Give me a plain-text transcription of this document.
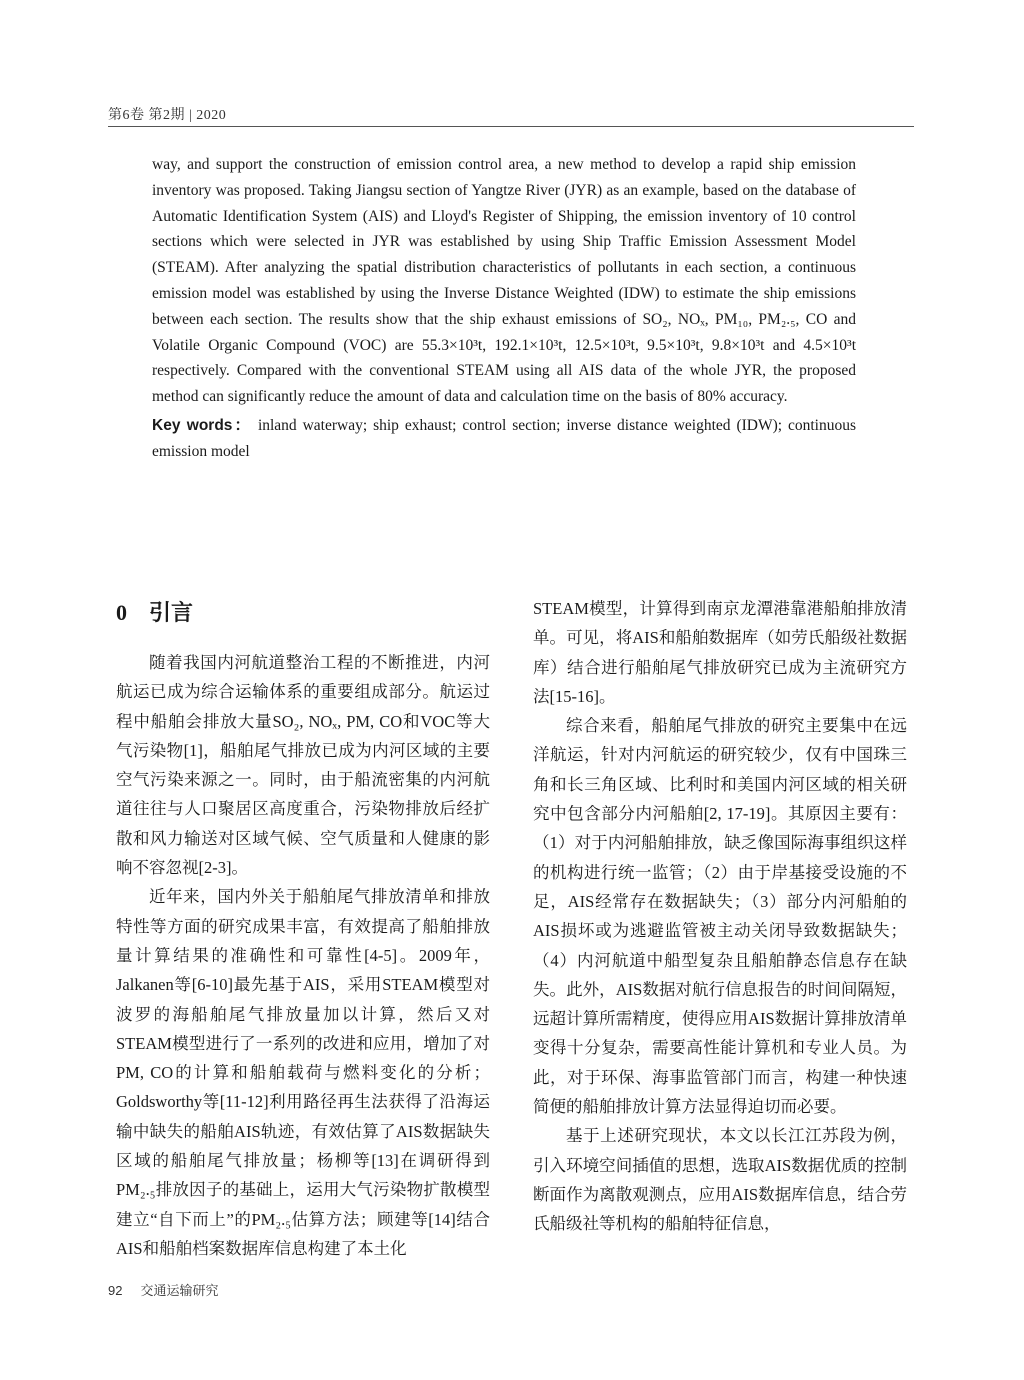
第6卷 第2期 | 2020

way, and support the construction of emission control area, a new method to develop a rapid ship emission inventory was proposed. Taking Jiangsu section of Yangtze River (JYR) as an example, based on the database of Automatic Identification System (AIS) and Lloyd's Register of Shipping, the emission inventory of 10 control sections which were selected in JYR was established by using Ship Traffic Emission Assessment Model (STEAM). After analyzing the spatial distribution characteristics of pollutants in each section, a continuous emission model was established by using the Inverse Distance Weighted (IDW) to estimate the ship emissions between each section. The results show that the ship exhaust emissions of SO₂, NOₓ, PM₁₀, PM₂.₅, CO and Volatile Organic Compound (VOC) are 55.3×10³t, 192.1×10³t, 12.5×10³t, 9.5×10³t, 9.8×10³t and 4.5×10³t respectively. Compared with the conventional STEAM using all AIS data of the whole JYR, the proposed method can significantly reduce the amount of data and calculation time on the basis of 80% accuracy.

Key words： inland waterway; ship exhaust; control section; inverse distance weighted (IDW); continuous emission model

0 引言

随着我国内河航道整治工程的不断推进，内河航运已成为综合运输体系的重要组成部分。航运过程中船舶会排放大量SO₂, NOₓ, PM, CO和VOC等大气污染物[1]，船舶尾气排放已成为内河区域的主要空气污染来源之一。同时，由于船流密集的内河航道往往与人口聚居区高度重合，污染物排放后经扩散和风力输送对区域气候、空气质量和人健康的影响不容忽视[2-3]。

近年来，国内外关于船舶尾气排放清单和排放特性等方面的研究成果丰富，有效提高了船舶排放量计算结果的准确性和可靠性[4-5]。2009年，Jalkanen等[6-10]最先基于AIS，采用STEAM模型对波罗的海船舶尾气排放量加以计算，然后又对STEAM模型进行了一系列的改进和应用，增加了对PM, CO的计算和船舶载荷与燃料变化的分析；Goldsworthy等[11-12]利用路径再生法获得了沿海运输中缺失的船舶AIS轨迹，有效估算了AIS数据缺失区域的船舶尾气排放量；杨柳等[13]在调研得到PM₂.₅排放因子的基础上，运用大气污染物扩散模型建立“自下而上”的PM₂.₅估算方法；顾建等[14]结合AIS和船舶档案数据库信息构建了本土化

STEAM模型，计算得到南京龙潭港靠港船舶排放清单。可见，将AIS和船舶数据库（如劳氏船级社数据库）结合进行船舶尾气排放研究已成为主流研究方法[15-16]。

综合来看，船舶尾气排放的研究主要集中在远洋航运，针对内河航运的研究较少，仅有中国珠三角和长三角区域、比利时和美国内河区域的相关研究中包含部分内河船舶[2, 17-19]。其原因主要有：（1）对于内河船舶排放，缺乏像国际海事组织这样的机构进行统一监管；（2）由于岸基接受设施的不足，AIS经常存在数据缺失；（3）部分内河船舶的AIS损坏或为逃避监管被主动关闭导致数据缺失；（4）内河航道中船型复杂且船舶静态信息存在缺失。此外，AIS数据对航行信息报告的时间间隔短，远超计算所需精度，使得应用AIS数据计算排放清单变得十分复杂，需要高性能计算机和专业人员。为此，对于环保、海事监管部门而言，构建一种快速简便的船舶排放计算方法显得迫切而必要。

基于上述研究现状，本文以长江江苏段为例，引入环境空间插值的思想，选取AIS数据优质的控制断面作为离散观测点，应用AIS数据库信息，结合劳氏船级社等机构的船舶特征信息，

92 交通运输研究
